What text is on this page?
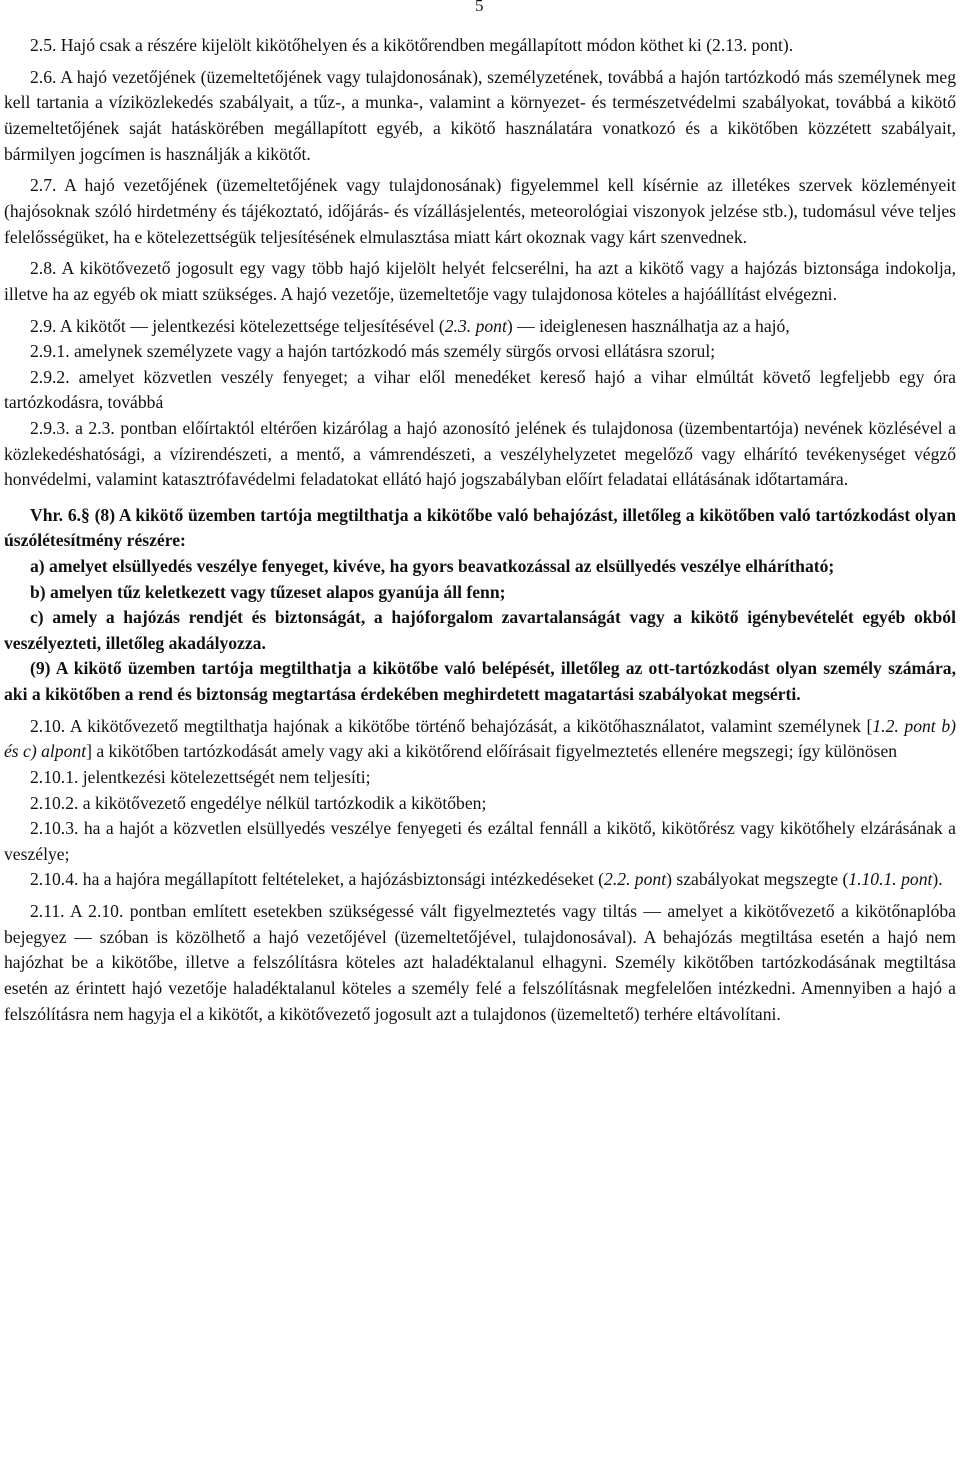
5

2.5. Hajó csak a részére kijelölt kikötőhelyen és a kikötőrendben megállapított módon köthet ki (2.13. pont).

2.6. A hajó vezetőjének (üzemeltetőjének vagy tulajdonosának), személyzetének, továbbá a hajón tartózkodó más személynek meg kell tartania a víziközlekedés szabályait, a tűz-, a munka-, valamint a környezet- és természetvédelmi szabályokat, továbbá a kikötő üzemeltetőjének saját hatáskörében megállapított egyéb, a kikötő használatára vonatkozó és a kikötőben közzétett szabályait, bármilyen jogcímen is használják a kikötőt.

2.7. A hajó vezetőjének (üzemeltetőjének vagy tulajdonosának) figyelemmel kell kísérnie az illetékes szervek közleményeit (hajósoknak szóló hirdetmény és tájékoztató, időjárás- és vízállásjelentés, meteorológiai viszonyok jelzése stb.), tudomásul véve teljes felelősségüket, ha e kötelezettségük teljesítésének elmulasztása miatt kárt okoznak vagy kárt szenvednek.

2.8. A kikötővezető jogosult egy vagy több hajó kijelölt helyét felcserélni, ha azt a kikötő vagy a hajózás biztonsága indokolja, illetve ha az egyéb ok miatt szükséges. A hajó vezetője, üzemeltetője vagy tulajdonosa köteles a hajóállítást elvégezni.

2.9. A kikötőt — jelentkezési kötelezettsége teljesítésével (2.3. pont) — ideiglenesen használhatja az a hajó,

2.9.1. amelynek személyzete vagy a hajón tartózkodó más személy sürgős orvosi ellátásra szorul;

2.9.2. amelyet közvetlen veszély fenyeget; a vihar elől menedéket kereső hajó a vihar elmúltát követő legfeljebb egy óra tartózkodásra, továbbá

2.9.3. a 2.3. pontban előírtaktól eltérően kizárólag a hajó azonosító jelének és tulajdonosa (üzembentartója) nevének közlésével a közlekedéshatósági, a vízirendészeti, a mentő, a vámrendészeti, a veszélyhelyzetet megelőző vagy elhárító tevékenységet végző honvédelmi, valamint katasztrófavédelmi feladatokat ellátó hajó jogszabályban előírt feladatai ellátásának időtartamára.

Vhr. 6.§ (8) A kikötő üzemben tartója megtilthatja a kikötőbe való behajózást, illetőleg a kikötőben való tartózkodást olyan úszólétesítmény részére:

a) amelyet elsüllyedés veszélye fenyeget, kivéve, ha gyors beavatkozással az elsüllyedés veszélye elhárítható;

b) amelyen tűz keletkezett vagy tűzeset alapos gyanúja áll fenn;

c) amely a hajózás rendjét és biztonságát, a hajóforgalom zavartalanságát vagy a kikötő igénybevételét egyéb okból veszélyezteti, illetőleg akadályozza.

(9) A kikötő üzemben tartója megtilthatja a kikötőbe való belépését, illetőleg az ott-tartózkodást olyan személy számára, aki a kikötőben a rend és biztonság megtartása érdekében meghirdetett magatartási szabályokat megsérti.

2.10. A kikötővezető megtilthatja hajónak a kikötőbe történő behajózását, a kikötőhasználatot, valamint személynek [1.2. pont b) és c) alpont] a kikötőben tartózkodását amely vagy aki a kikötőrend előírásait figyelmeztetés ellenére megszegi; így különösen

2.10.1. jelentkezési kötelezettségét nem teljesíti;

2.10.2. a kikötővezető engedélye nélkül tartózkodik a kikötőben;

2.10.3. ha a hajót a közvetlen elsüllyedés veszélye fenyegeti és ezáltal fennáll a kikötő, kikötőrész vagy kikötőhely elzárásának a veszélye;

2.10.4. ha a hajóra megállapított feltételeket, a hajózásbiztonsági intézkedéseket (2.2. pont) szabályokat megszegte (1.10.1. pont).

2.11. A 2.10. pontban említett esetekben szükségessé vált figyelmeztetés vagy tiltás — amelyet a kikötővezető a kikötőnaplóba bejegyez — szóban is közölhető a hajó vezetőjével (üzemeltetőjével, tulajdonosával). A behajózás megtiltása esetén a hajó nem hajózhat be a kikötőbe, illetve a felszólításra köteles azt haladéktalanul elhagyni. Személy kikötőben tartózkodásának megtiltása esetén az érintett hajó vezetője haladéktalanul köteles a személy felé a felszólításnak megfelelően intézkedni. Amennyiben a hajó a felszólításra nem hagyja el a kikötőt, a kikötővezető jogosult azt a tulajdonos (üzemeltető) terhére eltávolítani.
